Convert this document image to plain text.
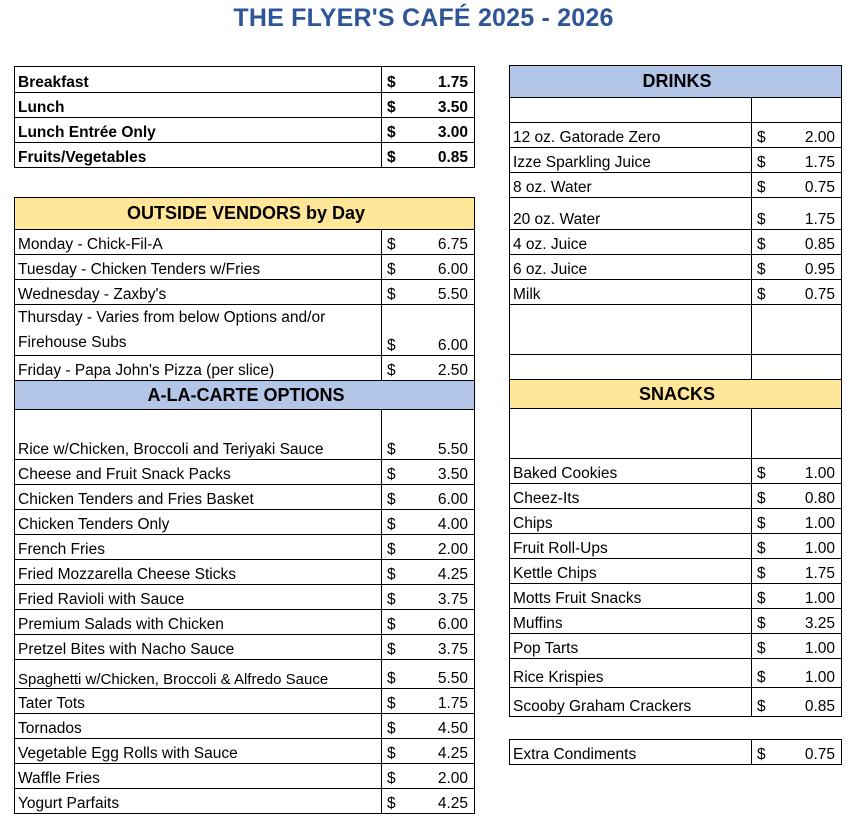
THE FLYER'S CAFÉ 2025 - 2026
Breakfast	$	1.75
Lunch	$	3.50
Lunch Entrée Only	$	3.00
Fruits/Vegetables	$	0.85
OUTSIDE VENDORS by Day		
Monday - Chick-Fil-A	$	6.75
Tuesday - Chicken Tenders w/Fries	$	6.00
Wednesday - Zaxby's	$	5.50

Thursday - Varies from below Options and/or
Firehouse Subs	$	6.00
Friday - Papa John's Pizza (per slice)	$	2.50
A-LA-CARTE OPTIONS		
Rice w/Chicken, Broccoli and Teriyaki Sauce	$	5.50
Cheese and Fruit Snack Packs	$	3.50
Chicken Tenders and Fries Basket	$	6.00
Chicken Tenders Only	$	4.00
French Fries	$	2.00
Fried Mozzarella Cheese Sticks	$	4.25
Fried Ravioli with Sauce	$	3.75
Premium Salads with Chicken	$	6.00
Pretzel Bites with Nacho Sauce	$	3.75
Spaghetti w/Chicken, Broccoli & Alfredo Sauce	$	5.50
Tater Tots	$	1.75
Tornados	$	4.50
Vegetable Egg Rolls with Sauce	$	4.25
Waffle Fries	$	2.00
Yogurt Parfaits	$	4.25
DRINKS		

12 oz. Gatorade Zero	$	2.00
Izze Sparkling Juice	$	1.75
8 oz. Water	$	0.75
20 oz. Water	$	1.75
4 oz. Juice	$	0.85
6 oz. Juice	$	0.95
Milk	$	0.75

SNACKS		

Baked Cookies	$	1.00
Cheez-Its	$	0.80
Chips	$	1.00
Fruit Roll-Ups	$	1.00
Kettle Chips	$	1.75
Motts Fruit Snacks	$	1.00
Muffins	$	3.25
Pop Tarts	$	1.00
Rice Krispies	$	1.00
Scooby Graham Crackers	$	0.85
Extra Condiments	$	0.75
